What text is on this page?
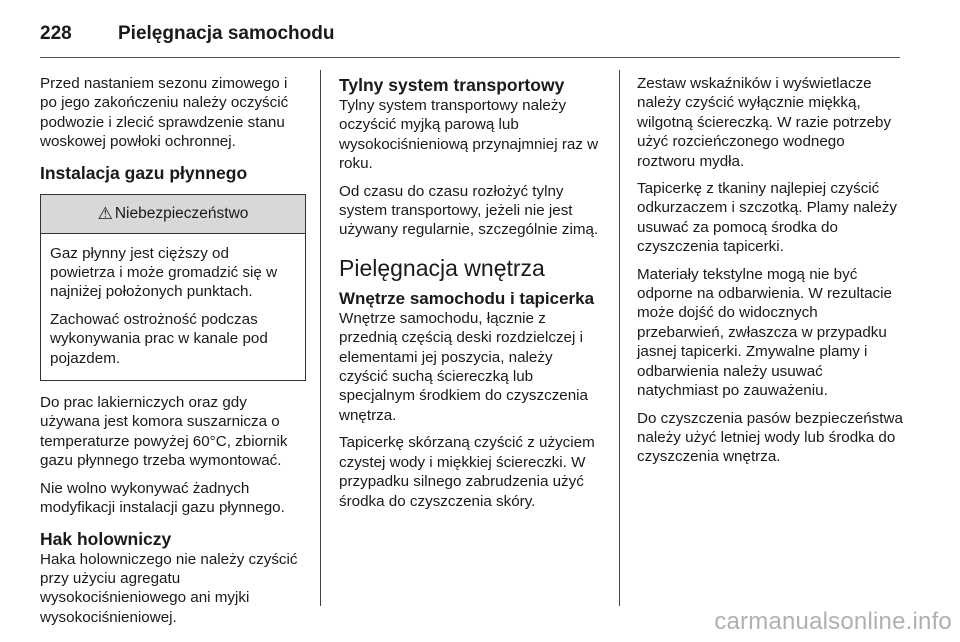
228	Pielęgnacja samochodu

Przed nastaniem sezonu zimowego i po jego zakończeniu należy oczyścić podwozie i zlecić sprawdzenie stanu woskowej powłoki ochronnej.

Instalacja gazu płynnego
⚠ Niebezpieczeństwo

Gaz płynny jest cięższy od powietrza i może gromadzić się w najniżej położonych punktach.

Zachować ostrożność podczas wykonywania prac w kanale pod pojazdem.

Do prac lakierniczych oraz gdy używana jest komora suszarnicza o temperaturze powyżej 60°C, zbiornik gazu płynnego trzeba wymontować.

Nie wolno wykonywać żadnych modyfikacji instalacji gazu płynnego.

Hak holowniczy

Haka holowniczego nie należy czyścić przy użyciu agregatu wysokociśnieniowego ani myjki wysokociśnieniowej.

Tylny system transportowy

Tylny system transportowy należy oczyścić myjką parową lub wysokociśnieniową przynajmniej raz w roku.

Od czasu do czasu rozłożyć tylny system transportowy, jeżeli nie jest używany regularnie, szczególnie zimą.

Pielęgnacja wnętrza
Wnętrze samochodu i tapicerka

Wnętrze samochodu, łącznie z przednią częścią deski rozdzielczej i elementami jej poszycia, należy czyścić suchą ściereczką lub specjalnym środkiem do czyszczenia wnętrza.

Tapicerkę skórzaną czyścić z użyciem czystej wody i miękkiej ściereczki. W przypadku silnego zabrudzenia użyć środka do czyszczenia skóry.

Zestaw wskaźników i wyświetlacze należy czyścić wyłącznie miękką, wilgotną ściereczką. W razie potrzeby użyć rozcieńczonego wodnego roztworu mydła.

Tapicerkę z tkaniny najlepiej czyścić odkurzaczem i szczotką. Plamy należy usuwać za pomocą środka do czyszczenia tapicerki.

Materiały tekstylne mogą nie być odporne na odbarwienia. W rezultacie może dojść do widocznych przebarwień, zwłaszcza w przypadku jasnej tapicerki. Zmywalne plamy i odbarwienia należy usuwać natychmiast po zauważeniu.

Do czyszczenia pasów bezpieczeństwa należy użyć letniej wody lub środka do czyszczenia wnętrza.

carmanualsonline.info
